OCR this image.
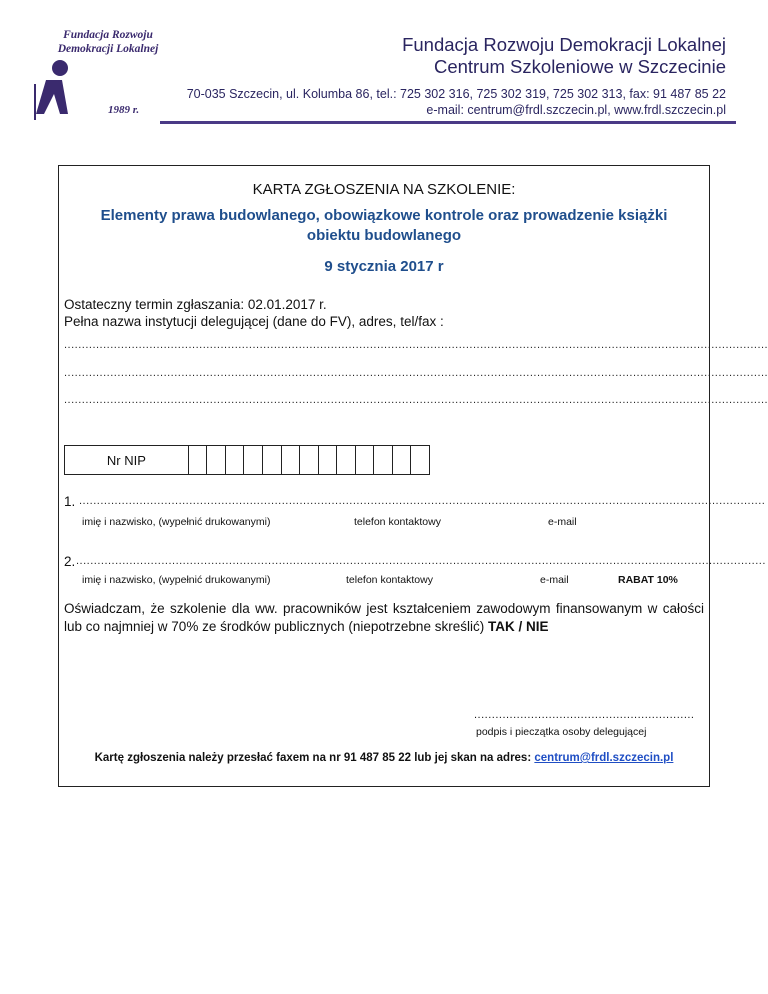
Fundacja Rozwoju
Demokracji Lokalnej
1989 r.
Fundacja Rozwoju Demokracji Lokalnej
Centrum Szkoleniowe w Szczecinie
70-035 Szczecin, ul. Kolumba 86, tel.: 725 302 316, 725 302 319, 725 302 313, fax: 91 487 85 22
e-mail: centrum@frdl.szczecin.pl, www.frdl.szczecin.pl
KARTA ZGŁOSZENIA NA SZKOLENIE:
Elementy prawa budowlanego, obowiązkowe kontrole oraz prowadzenie książki obiektu budowlanego
9 stycznia 2017 r
Ostateczny termin zgłaszania: 02.01.2017 r.
Pełna nazwa instytucji delegującej (dane do FV), adres, tel/fax :
......................................................................................................................................................................................................
......................................................................................................................................................................................................
......................................................................................................................................................................................................
Nr NIP
1. .................................................................................................................................................................................................
imię i nazwisko, (wypełnić drukowanymi)	telefon kontaktowy	e-mail
2. ..................................................................................................................................................................................................
imię i nazwisko, (wypełnić drukowanymi)	telefon kontaktowy	e-mail	RABAT 10%
Oświadczam, że szkolenie dla ww. pracowników jest kształceniem zawodowym finansowanym w całości lub co najmniej w 70% ze środków publicznych (niepotrzebne skreślić) TAK / NIE
..............................................................
podpis i pieczątka osoby delegującej
Kartę zgłoszenia należy przesłać faxem na nr 91 487 85 22 lub jej skan na adres: centrum@frdl.szczecin.pl
